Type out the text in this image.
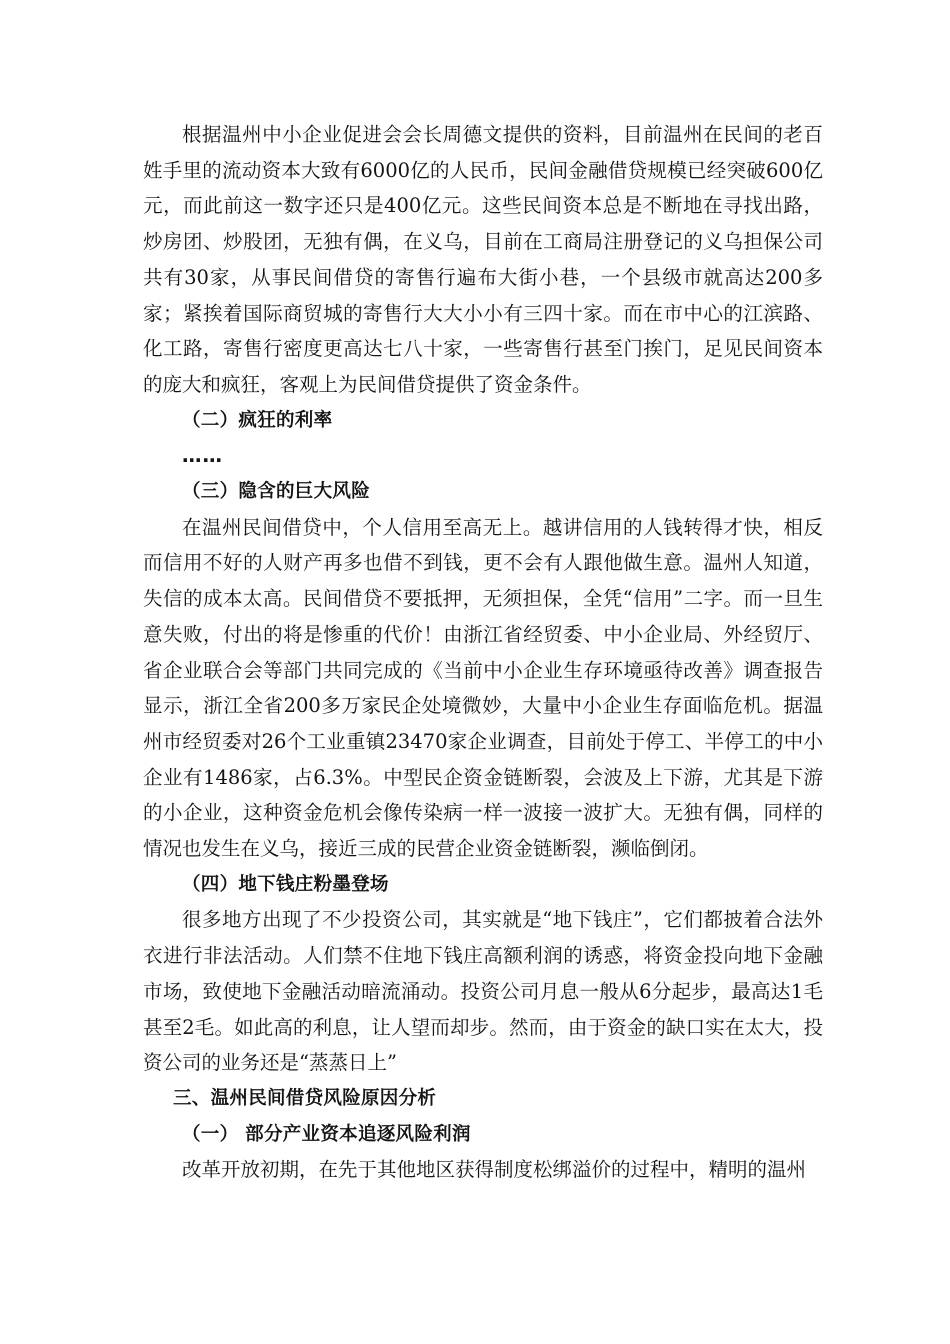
根据温州中小企业促进会会长周德文提供的资料，目前温州在民间的老百姓手里的流动资本大致有6000亿的人民币，民间金融借贷规模已经突破600亿元，而此前这一数字还只是400亿元。这些民间资本总是不断地在寻找出路，炒房团、炒股团，无独有偶，在义乌，目前在工商局注册登记的义乌担保公司共有30家，从事民间借贷的寄售行遍布大街小巷，一个县级市就高达200多家；紧挨着国际商贸城的寄售行大大小小有三四十家。而在市中心的江滨路、化工路，寄售行密度更高达七八十家，一些寄售行甚至门挨门，足见民间资本的庞大和疯狂，客观上为民间借贷提供了资金条件。

（二）疯狂的利率

……

（三）隐含的巨大风险

在温州民间借贷中，个人信用至高无上。越讲信用的人钱转得才快，相反而信用不好的人财产再多也借不到钱，更不会有人跟他做生意。温州人知道，失信的成本太高。民间借贷不要抵押，无须担保，全凭“信用”二字。而一旦生意失败，付出的将是惨重的代价！由浙江省经贸委、中小企业局、外经贸厅、省企业联合会等部门共同完成的《当前中小企业生存环境亟待改善》调查报告显示，浙江全省200多万家民企处境微妙，大量中小企业生存面临危机。据温州市经贸委对26个工业重镇23470家企业调查，目前处于停工、半停工的中小企业有1486家，占6.3%。中型民企资金链断裂，会波及上下游，尤其是下游的小企业，这种资金危机会像传染病一样一波接一波扩大。无独有偶，同样的情况也发生在义乌，接近三成的民营企业资金链断裂，濒临倒闭。

（四）地下钱庄粉墨登场

很多地方出现了不少投资公司，其实就是“地下钱庄”，它们都披着合法外衣进行非法活动。人们禁不住地下钱庄高额利润的诱惑，将资金投向地下金融市场，致使地下金融活动暗流涌动。投资公司月息一般从6分起步，最高达1毛甚至2毛。如此高的利息，让人望而却步。然而，由于资金的缺口实在太大，投资公司的业务还是“蒸蒸日上”

三、温州民间借贷风险原因分析

（一） 部分产业资本追逐风险利润

改革开放初期，在先于其他地区获得制度松绑溢价的过程中，精明的温州
